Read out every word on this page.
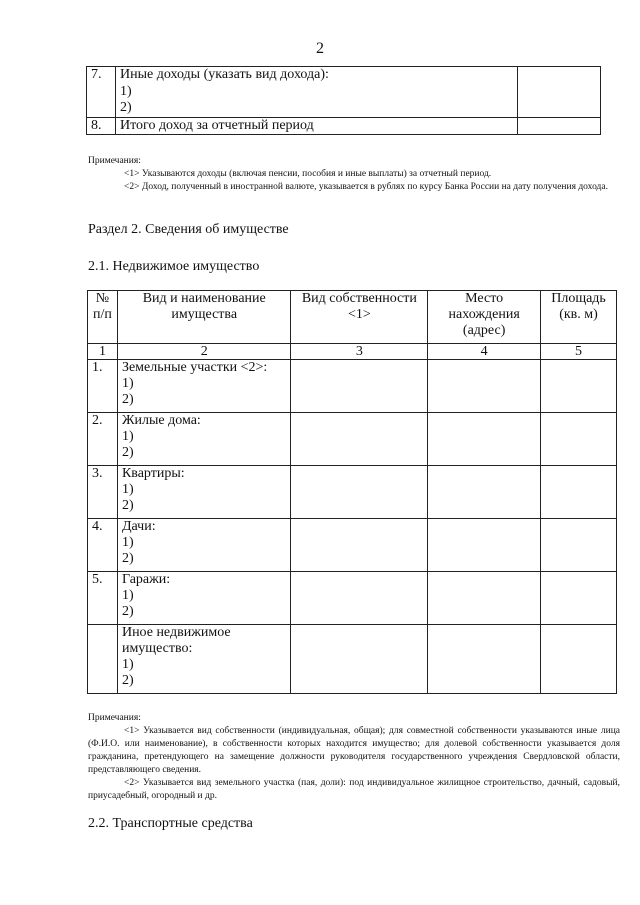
2
7.	Иные доходы (указать вид дохода):
1)
2)	

8.	Итого доход за отчетный период	

Примечания:

<1> Указываются доходы (включая пенсии, пособия и иные выплаты) за отчетный период.

<2> Доход, полученный в иностранной валюте, указывается в рублях по курсу Банка России на дату получения дохода.

Раздел 2. Сведения об имуществе
2.1. Недвижимое имущество
№ п/п	Вид и наименование имущества	Вид собственности <1>	Место нахождения (адрес)	Площадь (кв. м)
1	2	3	4	5
1.	Земельные участки <2>:
1)
2)			

2.	Жилые дома:
1)
2)			

3.	Квартиры:
1)
2)			

4.	Дачи:
1)
2)			

5.	Гаражи:
1)
2)			

	Иное недвижимое имущество:
1)
2)			

Примечания:

<1> Указывается вид собственности (индивидуальная, общая); для совместной собственности указываются иные лица (Ф.И.О. или наименование), в собственности которых находится имущество; для долевой собственности указывается доля гражданина, претендующего на замещение должности руководителя государственного учреждения Свердловской области, представляющего сведения.

<2> Указывается вид земельного участка (пая, доли): под индивидуальное жилищное строительство, дачный, садовый, приусадебный, огородный и др.

2.2. Транспортные средства
